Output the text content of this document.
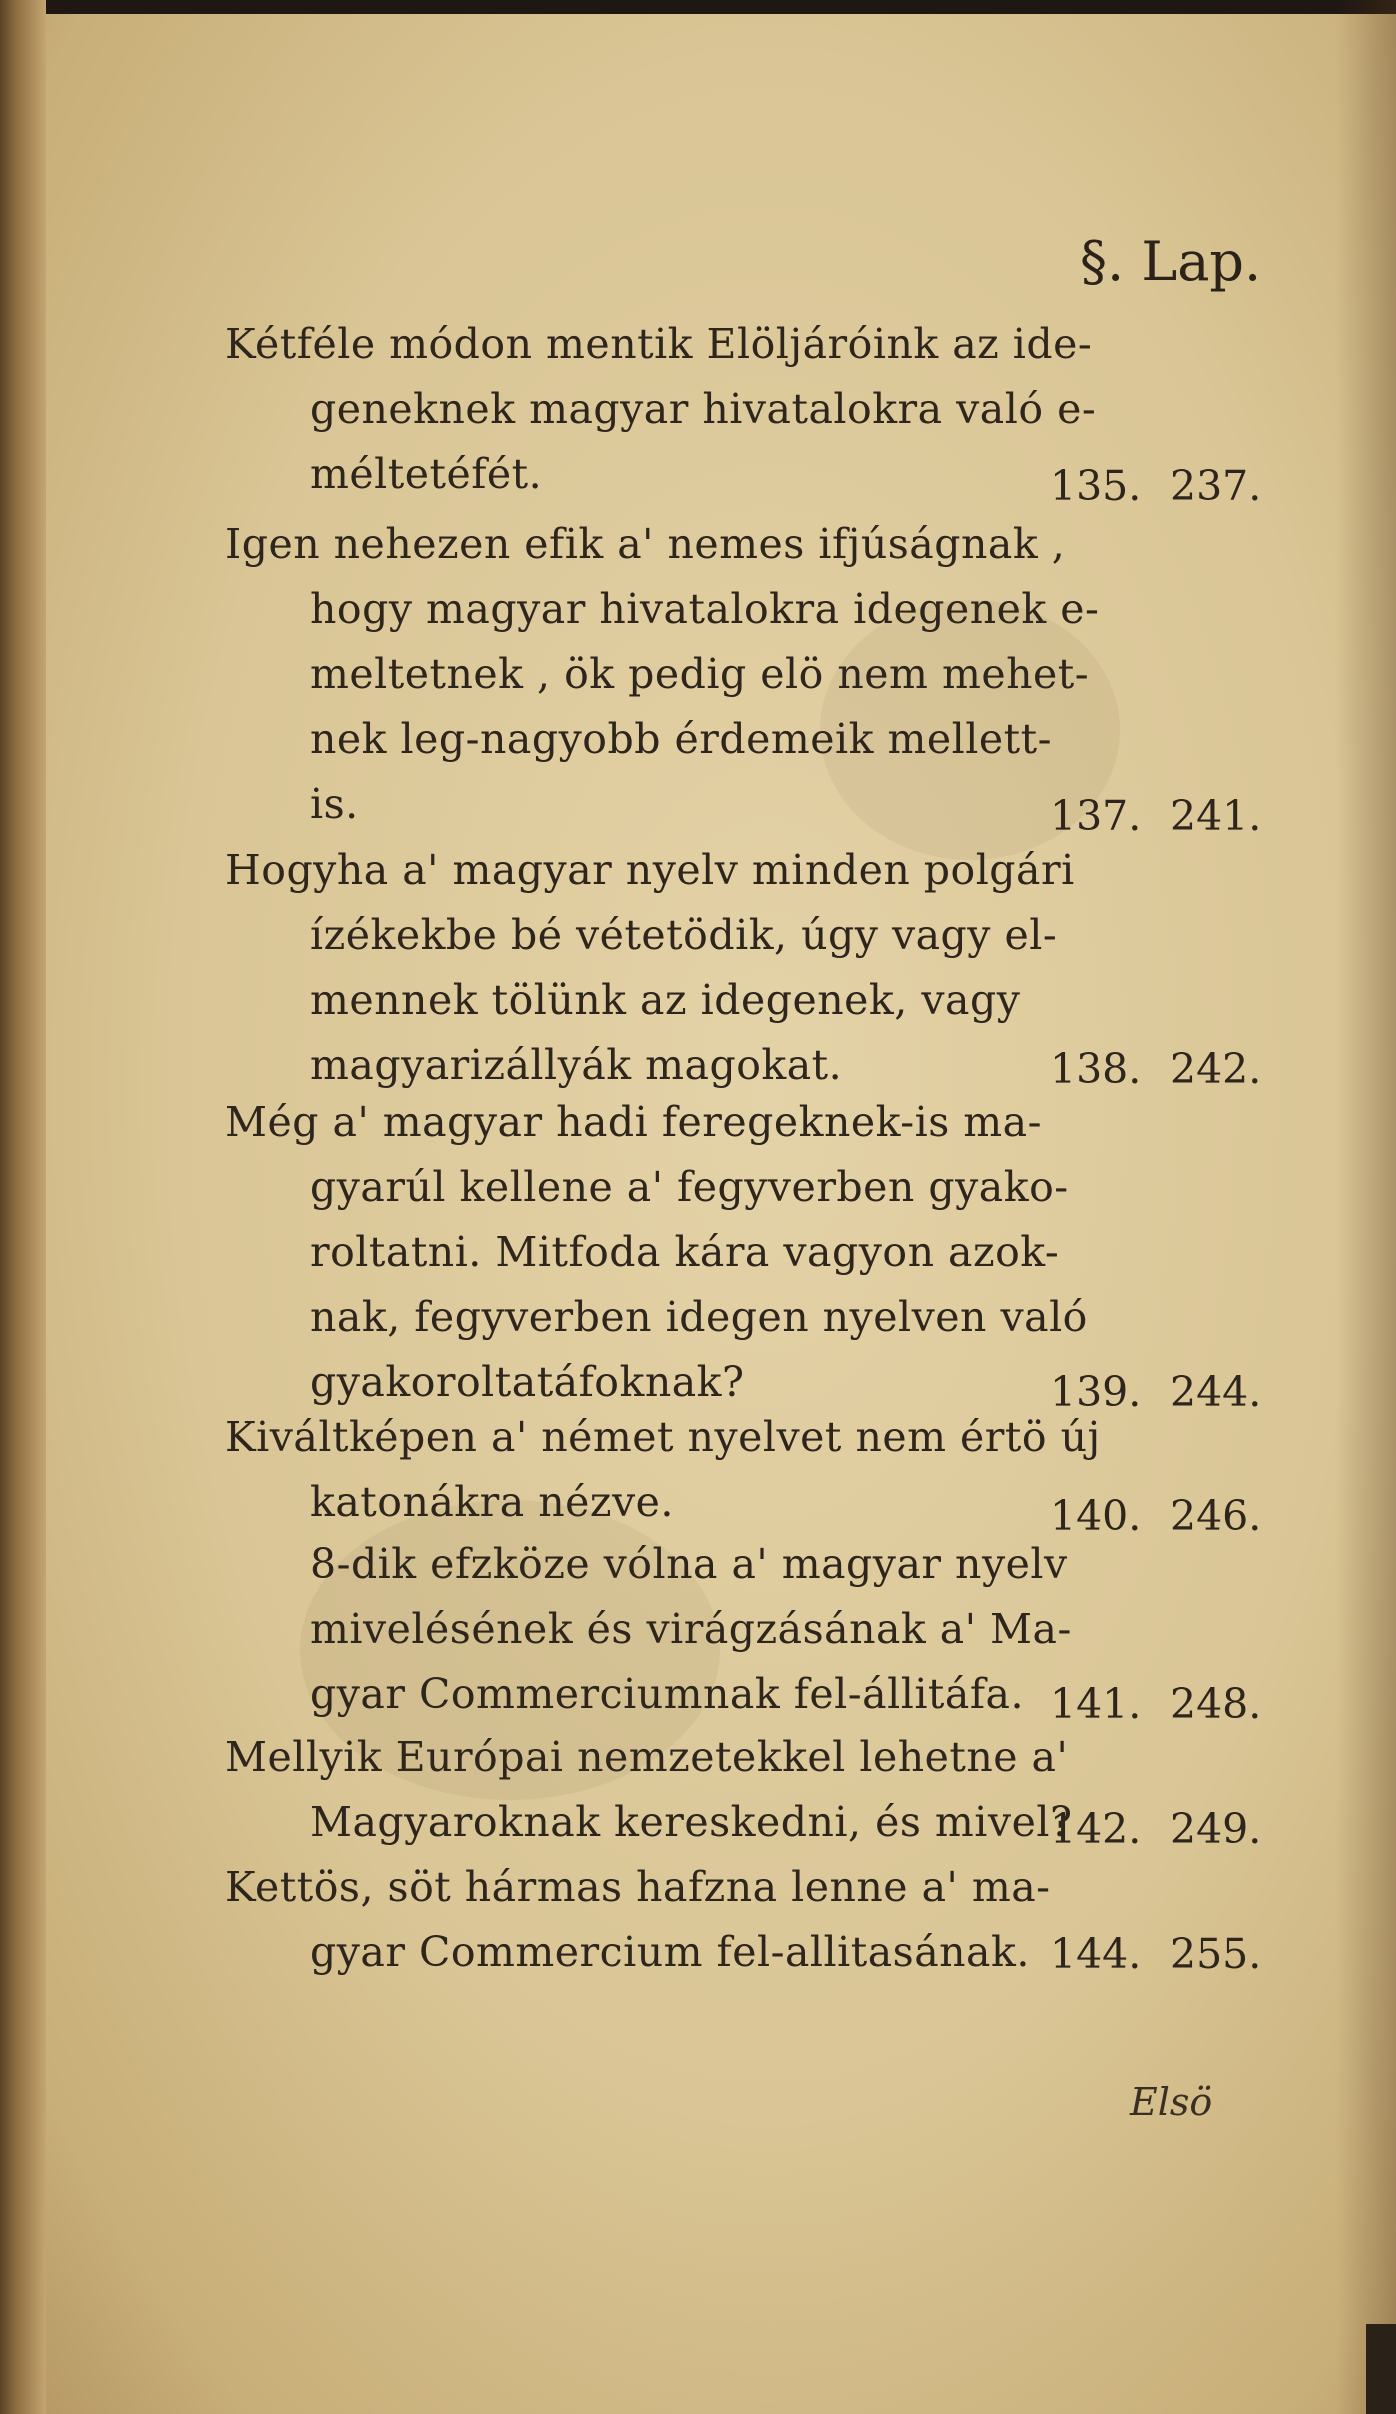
§. Lap.
Kétféle módon mentik Elöljáróink az ide-
geneknek magyar hivatalokra való e-
méltetéfét.	135. 237.
Igen nehezen efik a' nemes ifjúságnak ,
hogy magyar hivatalokra idegenek e-
meltetnek , ök pedig elö nem mehet-
nek leg-nagyobb érdemeik mellett-
is.	137. 241.
Hogyha a' magyar nyelv minden polgári
ízékekbe bé vétetödik, úgy vagy el-
mennek tölünk az idegenek, vagy
magyarizállyák magokat.	138. 242.
Még a' magyar hadi feregeknek-is ma-
gyarúl kellene a' fegyverben gyako-
roltatni. Mitfoda kára vagyon azok-
nak, fegyverben idegen nyelven való
gyakoroltatáfoknak?	139. 244.
Kiváltképen a' német nyelvet nem értö új
katonákra nézve.	140. 246.
8-dik efzköze vólna a' magyar nyelv
mivelésének és virágzásának a' Ma-
gyar Commerciumnak fel-állitáfa. 141. 248.
Mellyik Európai nemzetekkel lehetne a'
Magyaroknak kereskedni, és mivel?
142. 249.
Kettös, söt hármas hafzna lenne a' ma-
gyar Commercium fel-allitasának. 144. 255.
Elsö
